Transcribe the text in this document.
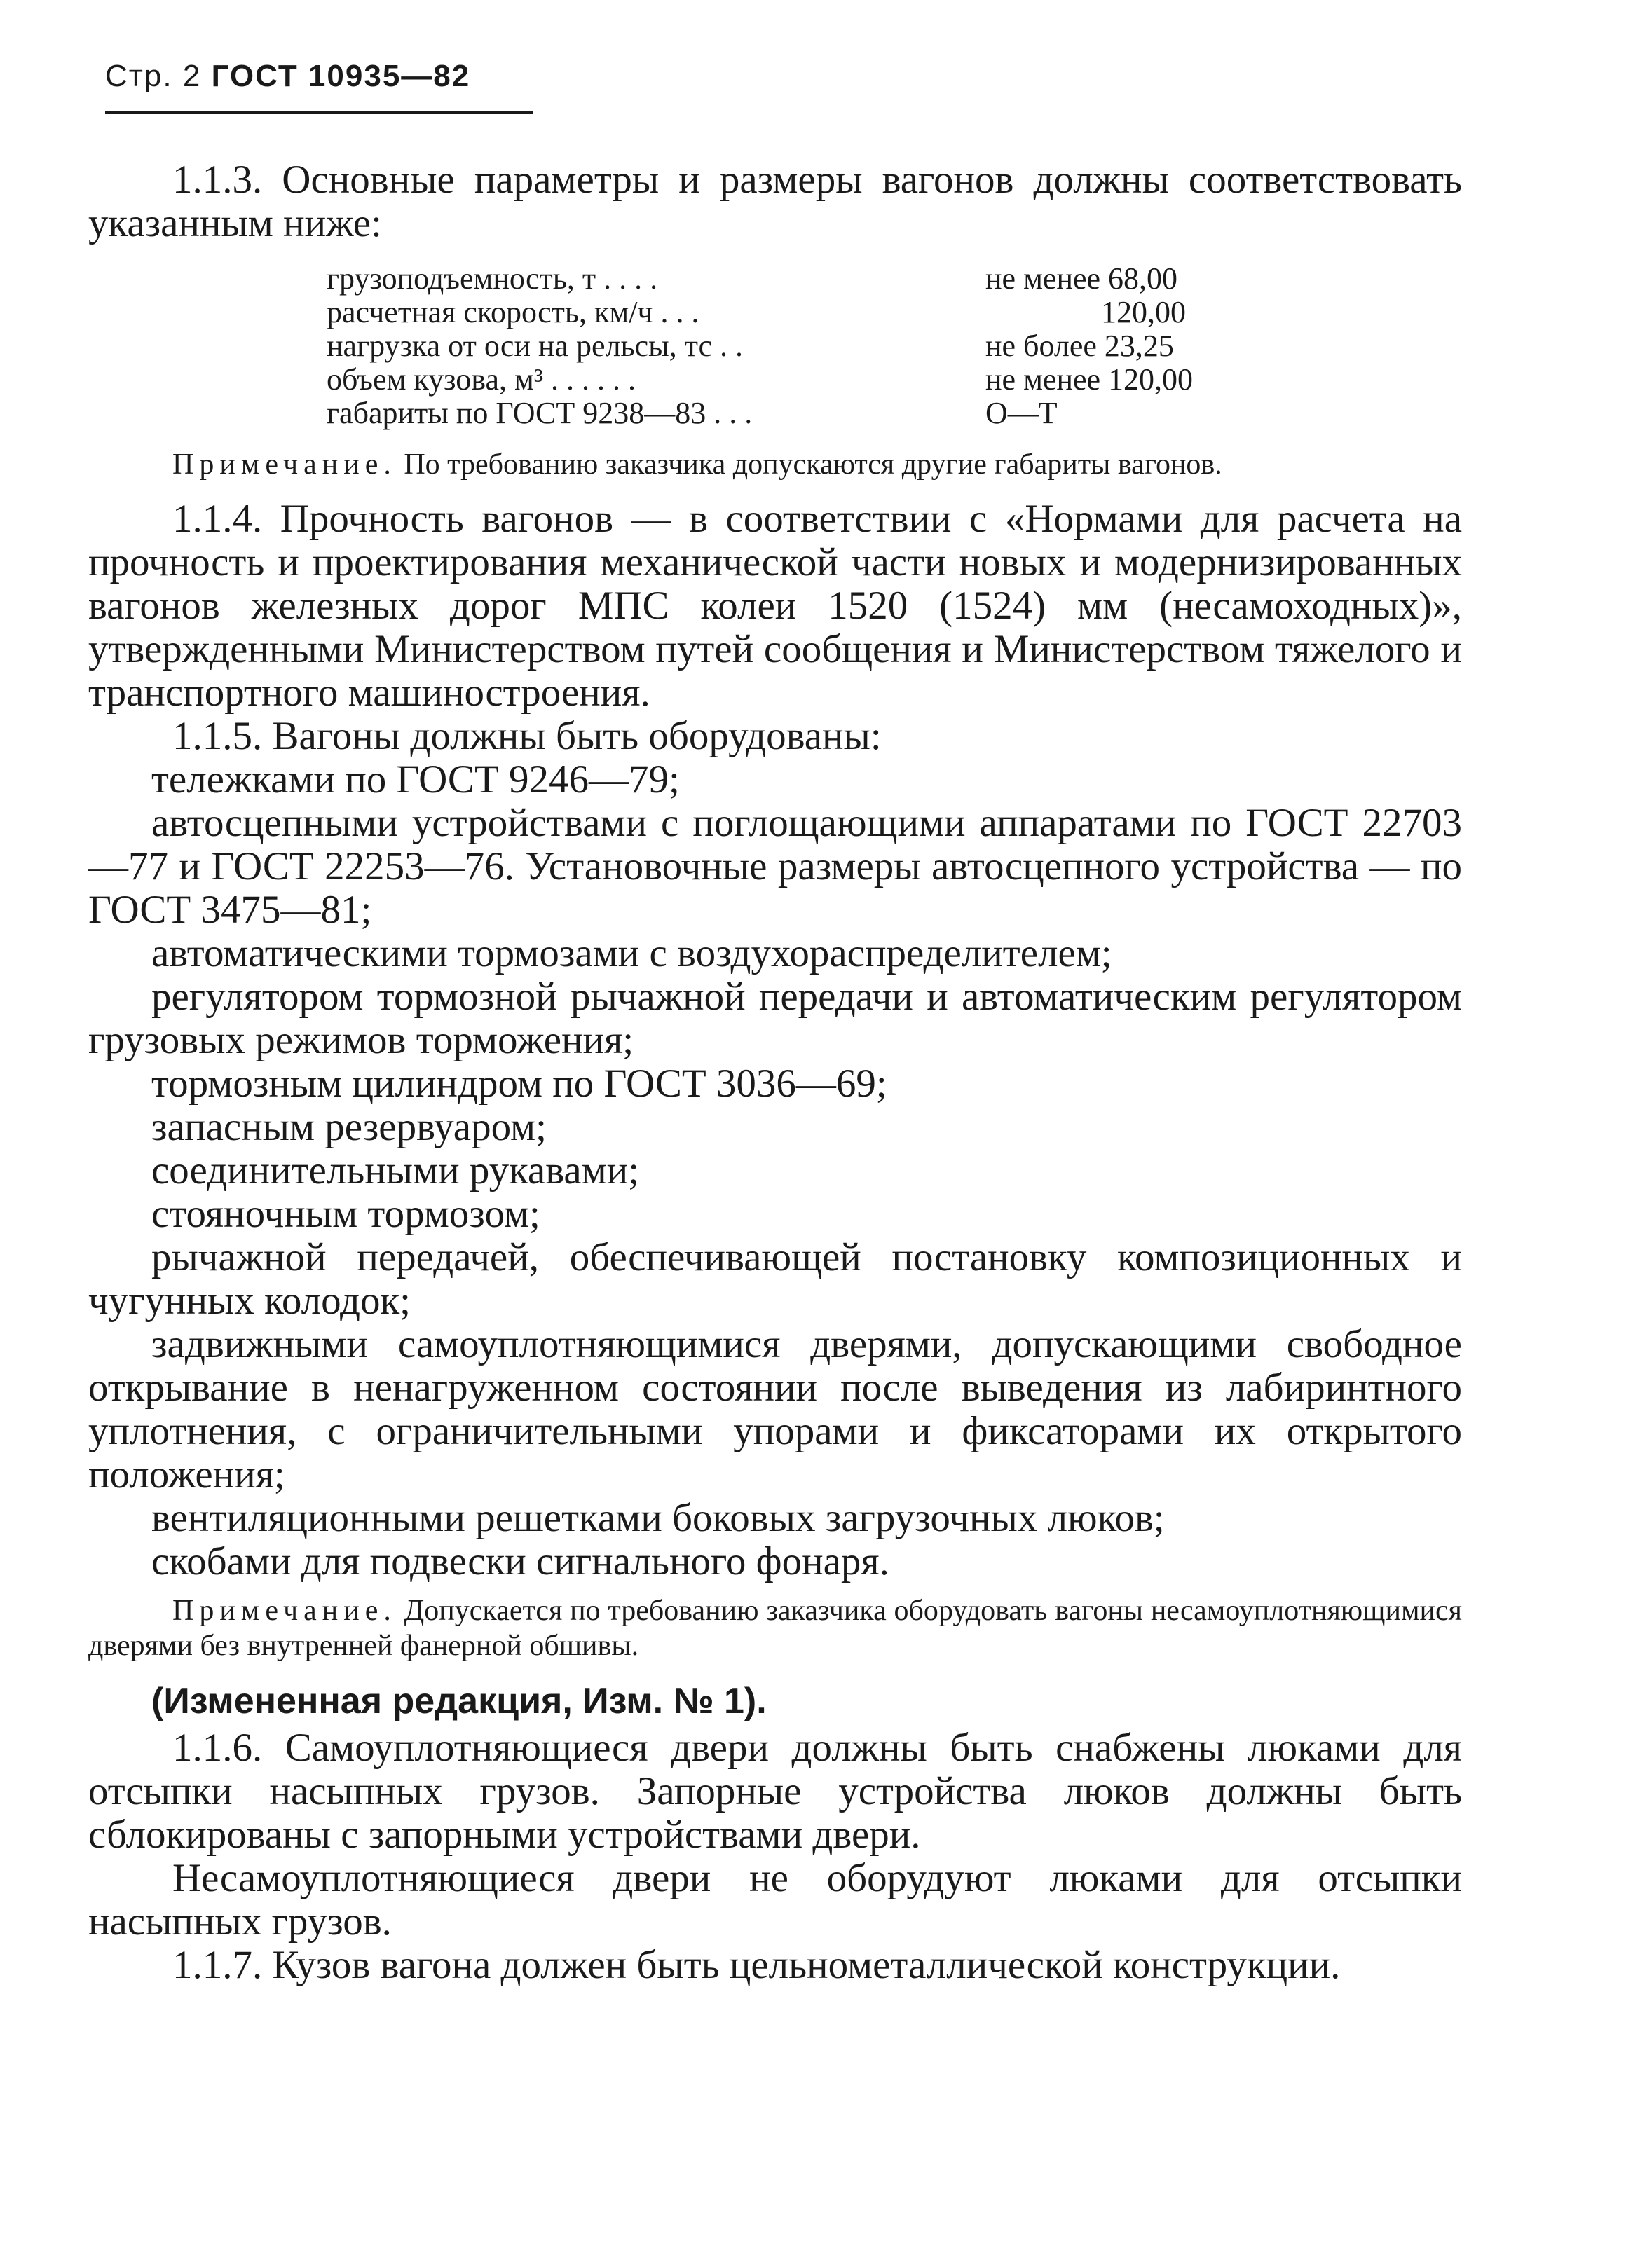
Стр. 2 ГОСТ 10935—82
1.1.3. Основные параметры и размеры вагонов должны соответствовать указанным ниже:
грузоподъемность, т . . . .	не менее 68,00
расчетная скорость, км/ч . . .	120,00
нагрузка от оси на рельсы, тс . .	не более 23,25
объем кузова, м³ . . . . . .	не менее 120,00
габариты по ГОСТ 9238—83 . . .	О—Т
Примечание. По требованию заказчика допускаются другие габариты вагонов.
1.1.4. Прочность вагонов — в соответствии с «Нормами для расчета на прочность и проектирования механической части новых и модернизированных вагонов железных дорог МПС колеи 1520 (1524) мм (несамоходных)», утвержденными Министерством путей сообщения и Министерством тяжелого и транспортного машиностроения.
1.1.5. Вагоны должны быть оборудованы:
тележками по ГОСТ 9246—79;
автосцепными устройствами с поглощающими аппаратами по ГОСТ 22703—77 и ГОСТ 22253—76. Установочные размеры автосцепного устройства — по ГОСТ 3475—81;
автоматическими тормозами с воздухораспределителем;
регулятором тормозной рычажной передачи и автоматическим регулятором грузовых режимов торможения;
тормозным цилиндром по ГОСТ 3036—69;
запасным резервуаром;
соединительными рукавами;
стояночным тормозом;
рычажной передачей, обеспечивающей постановку композиционных и чугунных колодок;
задвижными самоуплотняющимися дверями, допускающими свободное открывание в ненагруженном состоянии после выведения из лабиринтного уплотнения, с ограничительными упорами и фиксаторами их открытого положения;
вентиляционными решетками боковых загрузочных люков;
скобами для подвески сигнального фонаря.
Примечание. Допускается по требованию заказчика оборудовать вагоны несамоуплотняющимися дверями без внутренней фанерной обшивы.
(Измененная редакция, Изм. № 1).
1.1.6. Самоуплотняющиеся двери должны быть снабжены люками для отсыпки насыпных грузов. Запорные устройства люков должны быть сблокированы с запорными устройствами двери.
Несамоуплотняющиеся двери не оборудуют люками для отсыпки насыпных грузов.
1.1.7. Кузов вагона должен быть цельнометаллической конструкции.
